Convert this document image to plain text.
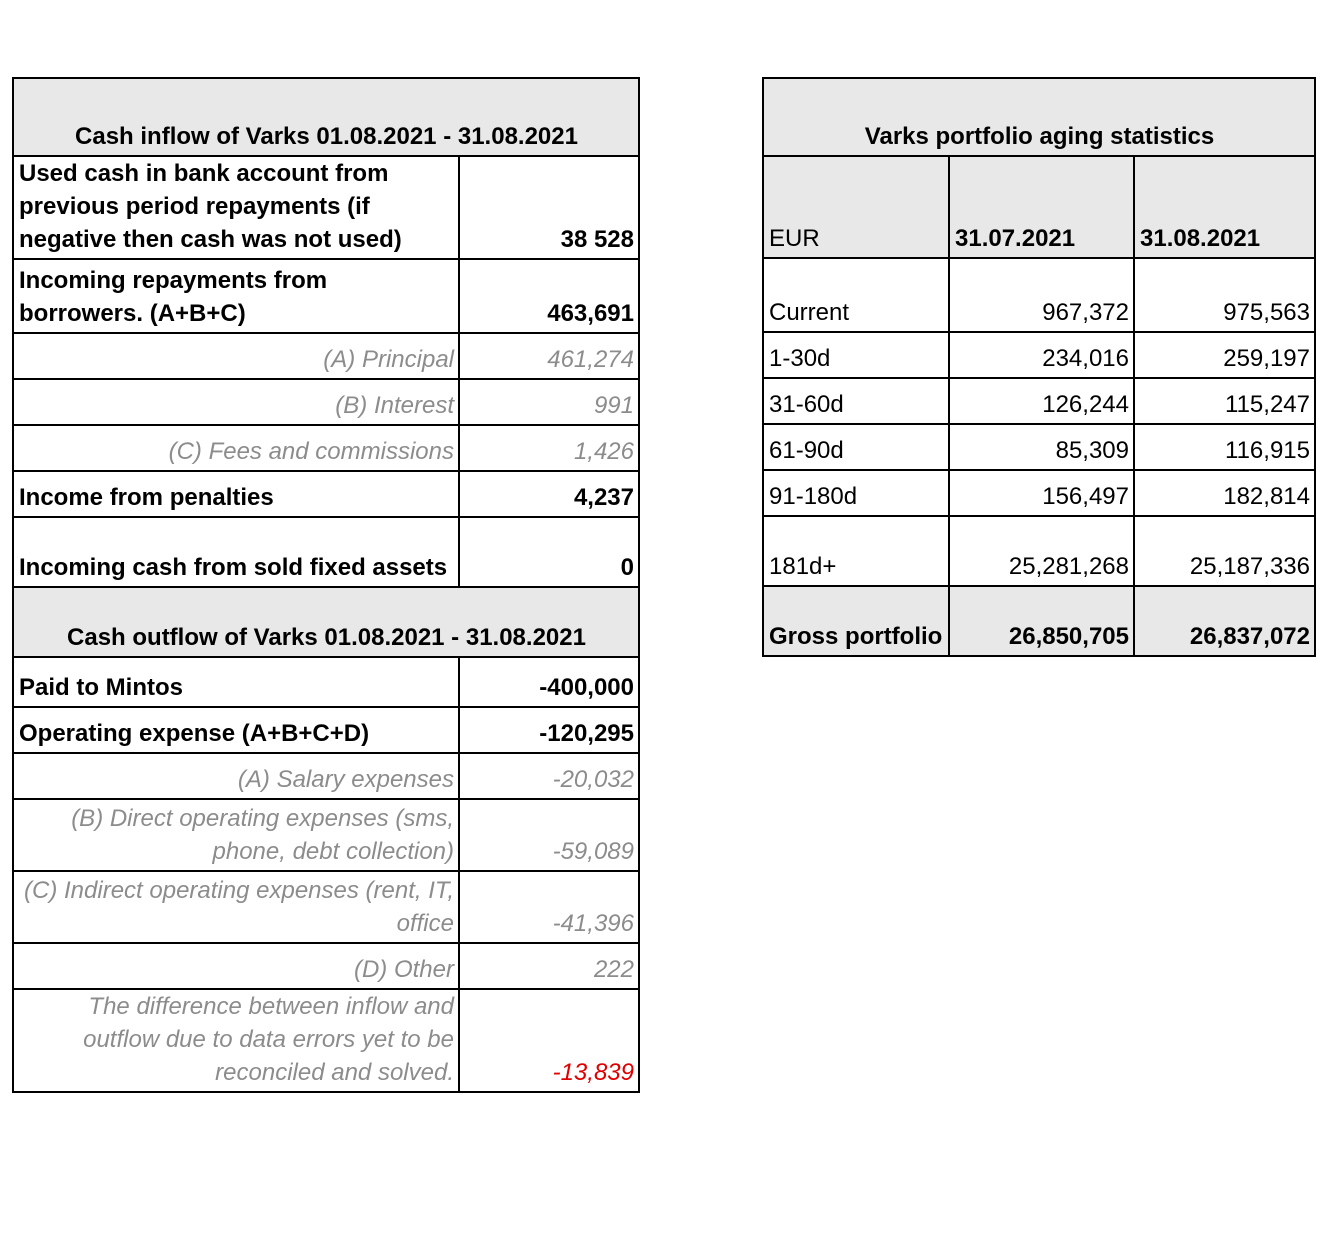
Cash inflow of Varks 01.08.2021 - 31.08.2021	
Used cash in bank account from previous period repayments (if negative then cash was not used)	38 528
Incoming repayments from borrowers. (A+B+C)	463,691
(A) Principal	461,274
(B) Interest	991
(C) Fees and commissions	1,426
Income from penalties	4,237
Incoming cash from sold fixed assets	0
Cash outflow of Varks 01.08.2021 - 31.08.2021	
Paid to Mintos	-400,000
Operating expense (A+B+C+D)	-120,295
(A) Salary expenses	-20,032
(B) Direct operating expenses (sms, phone, debt collection)	-59,089
(C) Indirect operating expenses (rent, IT, office	-41,396
(D) Other	222
The difference between inflow and outflow due to data errors yet to be reconciled and solved.	-13,839
Varks portfolio aging statistics		
EUR	31.07.2021	31.08.2021
Current	967,372	975,563
1-30d	234,016	259,197
31-60d	126,244	115,247
61-90d	85,309	116,915
91-180d	156,497	182,814
181d+	25,281,268	25,187,336
Gross portfolio	26,850,705	26,837,072
